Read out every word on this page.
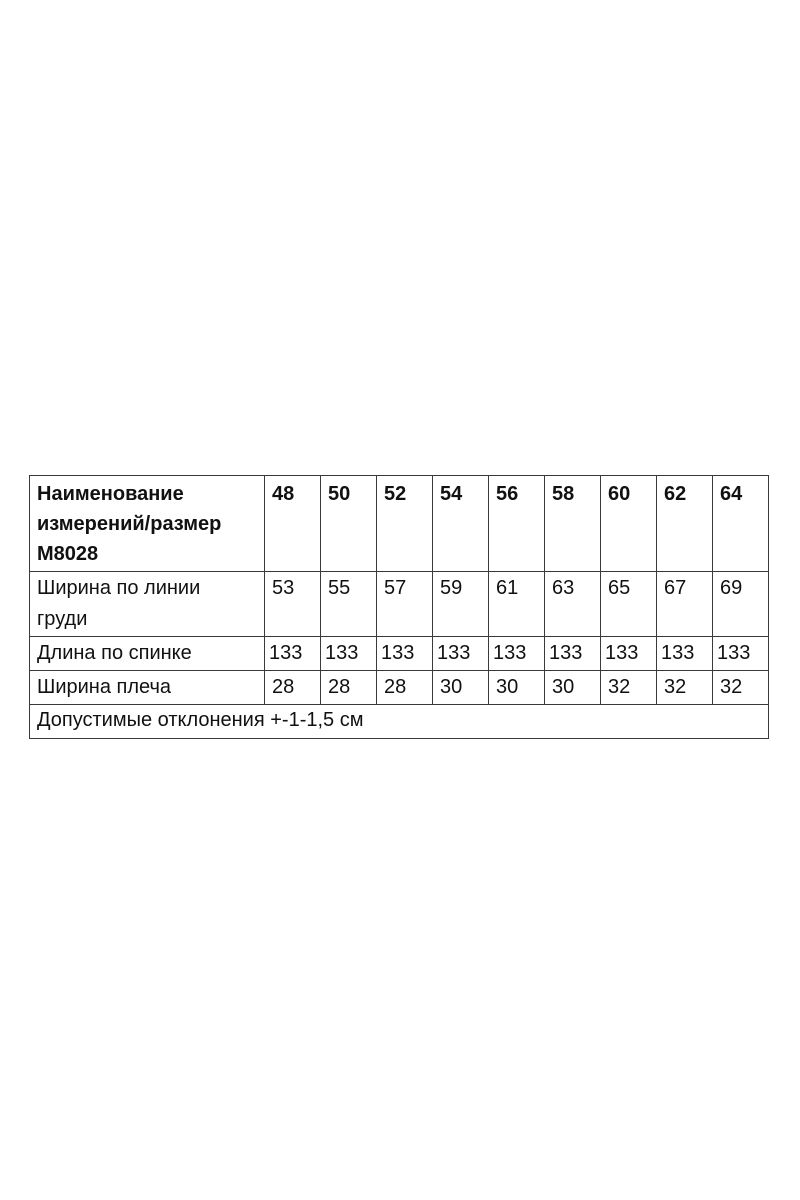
Наименование
измерений/размер
M8028	48	50	52	54	56	58	60	62	64
Ширина по линии
груди	53	55	57	59	61	63	65	67	69
Длина по спинке	133	133	133	133	133	133	133	133	133
Ширина плеча	28	28	28	30	30	30	32	32	32
Допустимые отклонения +-1-1,5 см									
